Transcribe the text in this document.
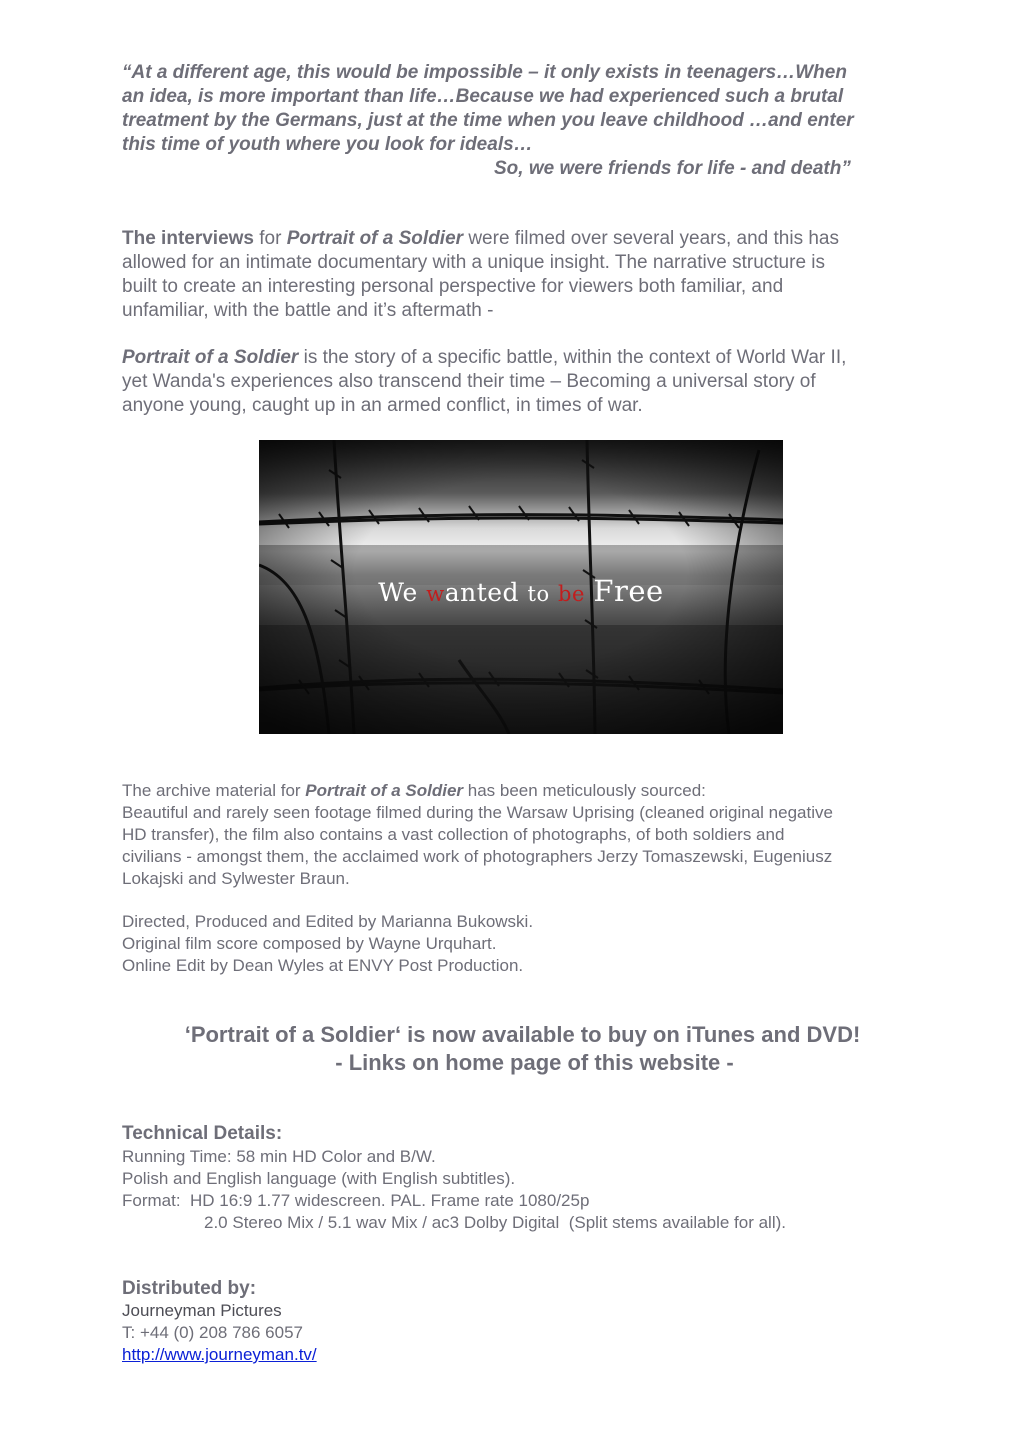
“At a different age, this would be impossible – it only exists in teenagers…When
an idea, is more important than life…Because we had experienced such a brutal
treatment by the Germans, just at the time when you leave childhood …and enter
this time of youth where you look for ideals…
So, we were friends for life - and death”
The interviews for Portrait of a Soldier were filmed over several years, and this has
allowed for an intimate documentary with a unique insight. The narrative structure is
built to create an interesting personal perspective for viewers both familiar, and
unfamiliar, with the battle and it’s aftermath -
Portrait of a Soldier is the story of a specific battle, within the context of World War II,
yet Wanda's experiences also transcend their time – Becoming a universal story of
anyone young, caught up in an armed conflict, in times of war.
We wanted to be Free
The archive material for Portrait of a Soldier has been meticulously sourced:
Beautiful and rarely seen footage filmed during the Warsaw Uprising (cleaned original negative
HD transfer), the film also contains a vast collection of photographs, of both soldiers and
civilians - amongst them, the acclaimed work of photographers Jerzy Tomaszewski, Eugeniusz
Lokajski and Sylwester Braun.
Directed, Produced and Edited by Marianna Bukowski.
Original film score composed by Wayne Urquhart.
Online Edit by Dean Wyles at ENVY Post Production.
‘Portrait of a Soldier‘ is now available to buy on iTunes and DVD!
- Links on home page of this website -
Technical Details:
Running Time: 58 min HD Color and B/W.
Polish and English language (with English subtitles).
Format:  HD 16:9 1.77 widescreen. PAL. Frame rate 1080/25p
2.0 Stereo Mix / 5.1 wav Mix / ac3 Dolby Digital  (Split stems available for all).
Distributed by:
Journeyman Pictures
T: +44 (0) 208 786 6057
http://www.journeyman.tv/
